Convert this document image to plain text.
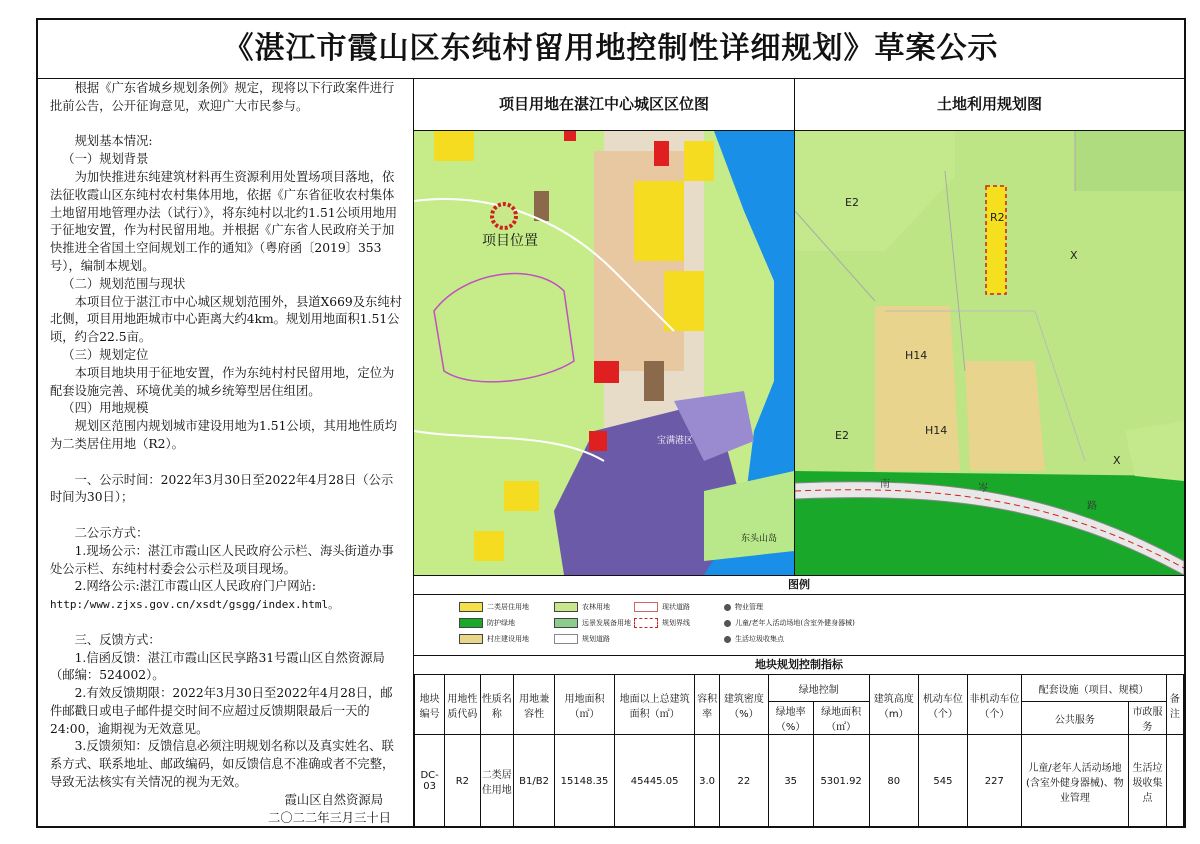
《湛江市霞山区东纯村留用地控制性详细规划》草案公示

根据《广东省城乡规划条例》规定，现将以下行政案件进行批前公告，公开征询意见，欢迎广大市民参与。

规划基本情况:

（一）规划背景

为加快推进东纯建筑材料再生资源利用处置场项目落地，依法征收霞山区东纯村农村集体用地，依据《广东省征收农村集体土地留用地管理办法（试行）》，将东纯村以北约1.51公顷用地用于征地安置，作为村民留用地。并根据《广东省人民政府关于加快推进全省国土空间规划工作的通知》（粤府函〔2019〕353号），编制本规划。

（二）规划范围与现状

本项目位于湛江市中心城区规划范围外，县道X669及东纯村北侧，项目用地距城市中心距离大约4km。规划用地面积1.51公顷，约合22.5亩。

（三）规划定位

本项目地块用于征地安置，作为东纯村村民留用地，定位为配套设施完善、环境优美的城乡统筹型居住组团。

（四）用地规模

规划区范围内规划城市建设用地为1.51公顷，其用地性质均为二类居住用地（R2）。

一、公示时间：2022年3月30日至2022年4月28日（公示时间为30日）；

二公示方式：

1.现场公示：湛江市霞山区人民政府公示栏、海头街道办事处公示栏、东纯村村委会公示栏及项目现场。

2.网络公示:湛江市霞山区人民政府门户网站:

http:/www.zjxs.gov.cn/xsdt/gsgg/index.html。

三、反馈方式：

1.信函反馈：湛江市霞山区民享路31号霞山区自然资源局（邮编：524002）。

2.有效反馈期限：2022年3月30日至2022年4月28日，邮件邮戳日或电子邮件提交时间不应超过反馈期限最后一天的24:00，逾期视为无效意见。

3.反馈须知：反馈信息必须注明规划名称以及真实姓名、联系方式、联系地址、邮政编码，如反馈信息不准确或者不完整，导致无法核实有关情况的视为无效。

霞山区自然资源局

二〇二二年三月三十日

项目用地在湛江中心城区区位图	土地利用规划图
项目位置
宝满港区
东头山岛
E2
E2
R2
X
X
H14
H14
南	岑
路
图例
二类居住用地
防护绿地
村庄建设用地
农林用地
远景发展备用地
现状道路
规划界线
规划道路
物业管理
儿童/老年人活动场地(含室外健身器械)
生活垃圾收集点
地块规划控制指标
地块编号	用地性质代码	性质名称	用地兼容性	用地面积（㎡）	地面以上总建筑面积（㎡）	容积率	建筑密度（%）	绿地控制		建筑高度（m）	机动车位（个）	非机动车位（个）	配套设施（项目、规模）		备注
								绿地率（%）	绿地面积（㎡）				公共服务	市政服务	
DC-03	R2	二类居住用地	B1/B2	15148.35	45445.05	3.0	22	35	5301.92	80	545	227	儿童/老年人活动场地(含室外健身器械)、物业管理	生活垃圾收集点	
